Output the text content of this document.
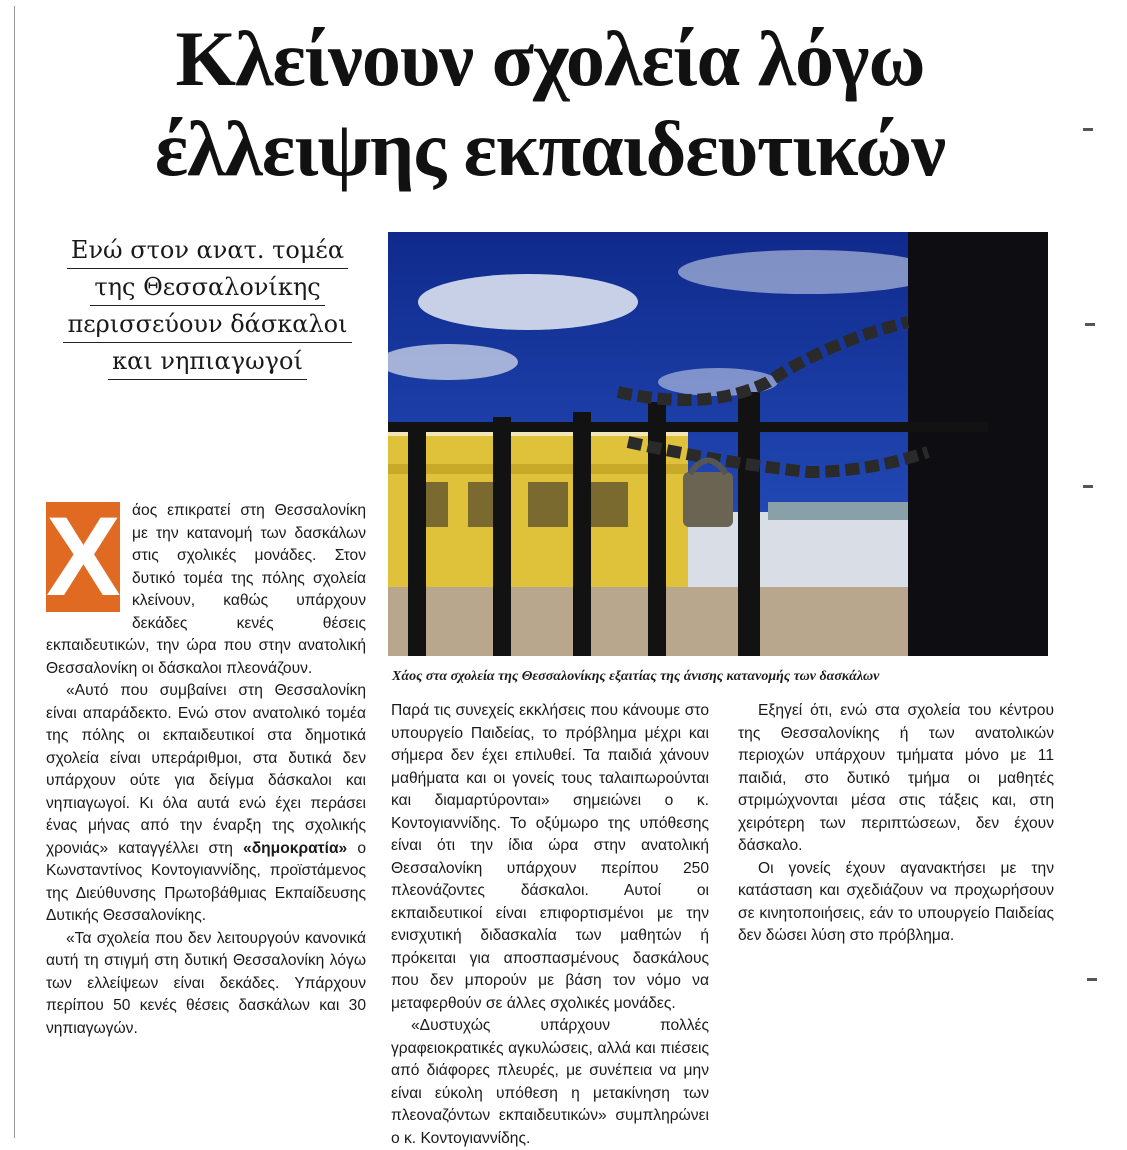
Κλείνουν σχολεία λόγω
έλλειψης εκπαιδευτικών
Ενώ στον ανατ. τομέα
της Θεσσαλονίκης
περισσεύουν δάσκαλοι
και νηπιαγωγοί
Χάος στα σχολεία της Θεσσαλονίκης εξαιτίας της άνισης κατανομής των δασκάλων

Χ άος επικρατεί στη Θεσσαλονίκη με την κατανομή των δασκάλων στις σχολικές μονάδες. Στον δυτικό τομέα της πόλης σχολεία κλείνουν, καθώς υπάρχουν δεκάδες κενές θέσεις εκπαιδευτικών, την ώρα που στην ανατολική Θεσσαλονίκη οι δάσκαλοι πλεονάζουν.

«Αυτό που συμβαίνει στη Θεσσαλονίκη είναι απαράδεκτο. Ενώ στον ανατολικό τομέα της πόλης οι εκπαιδευτικοί στα δημοτικά σχολεία είναι υπεράριθμοι, στα δυτικά δεν υπάρχουν ούτε για δείγμα δάσκαλοι και νηπιαγωγοί. Κι όλα αυτά ενώ έχει περάσει ένας μήνας από την έναρξη της σχολικής χρονιάς» καταγγέλλει στη «δημοκρατία» ο Κωνσταντίνος Κοντογιαννίδης, προϊστάμενος της Διεύθυνσης Πρωτοβάθμιας Εκπαίδευσης Δυτικής Θεσσαλονίκης.

«Τα σχολεία που δεν λειτουργούν κανονικά αυτή τη στιγμή στη δυτική Θεσσαλονίκη λόγω των ελλείψεων είναι δεκάδες. Υπάρχουν περίπου 50 κενές θέσεις δασκάλων και 30 νηπιαγωγών.

Παρά τις συνεχείς εκκλήσεις που κάνουμε στο υπουργείο Παιδείας, το πρόβλημα μέχρι και σήμερα δεν έχει επιλυθεί. Τα παιδιά χάνουν μαθήματα και οι γονείς τους ταλαιπωρούνται και διαμαρτύρονται» σημειώνει ο κ. Κοντογιαννίδης. Το οξύμωρο της υπόθεσης είναι ότι την ίδια ώρα στην ανατολική Θεσσαλονίκη υπάρχουν περίπου 250 πλεονάζοντες δάσκαλοι. Αυτοί οι εκπαιδευτικοί είναι επιφορτισμένοι με την ενισχυτική διδασκαλία των μαθητών ή πρόκειται για αποσπασμένους δασκάλους που δεν μπορούν με βάση τον νόμο να μεταφερθούν σε άλλες σχολικές μονάδες.

«Δυστυχώς υπάρχουν πολλές γραφειοκρατικές αγκυλώσεις, αλλά και πιέσεις από διάφορες πλευρές, με συνέπεια να μην είναι εύκολη υπόθεση η μετακίνηση των πλεοναζόντων εκπαιδευτικών» συμπληρώνει ο κ. Κοντογιαννίδης.

Εξηγεί ότι, ενώ στα σχολεία του κέντρου της Θεσσαλονίκης ή των ανατολικών περιοχών υπάρχουν τμήματα μόνο με 11 παιδιά, στο δυτικό τμήμα οι μαθητές στριμώχνονται μέσα στις τάξεις και, στη χειρότερη των περιπτώσεων, δεν έχουν δάσκαλο.

Οι γονείς έχουν αγανακτήσει με την κατάσταση και σχεδιάζουν να προχωρήσουν σε κινητοποιήσεις, εάν το υπουργείο Παιδείας δεν δώσει λύση στο πρόβλημα.
